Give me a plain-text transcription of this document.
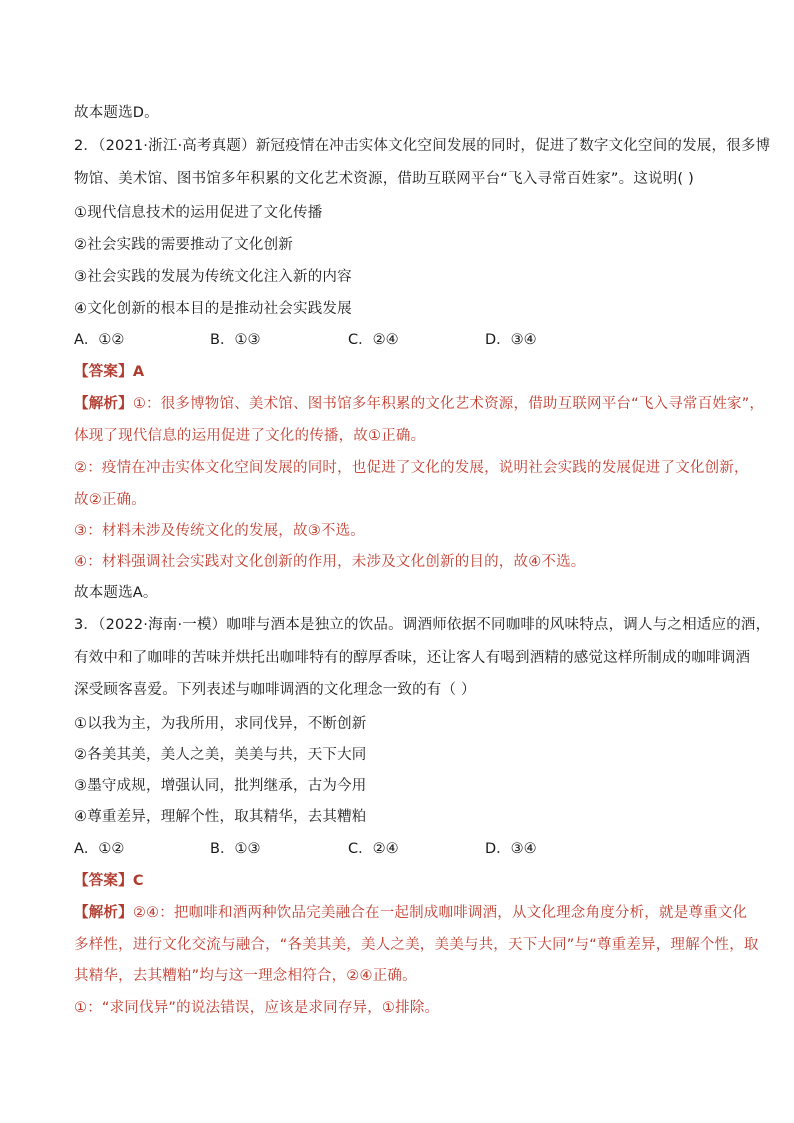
故本题选D。
2．（2021·浙江·高考真题）新冠疫情在冲击实体文化空间发展的同时，促进了数字文化空间的发展，很多博
物馆、美术馆、图书馆多年积累的文化艺术资源，借助互联网平台“飞入寻常百姓家”。这说明( )
①现代信息技术的运用促进了文化传播
②社会实践的需要推动了文化创新
③社会实践的发展为传统文化注入新的内容
④文化创新的根本目的是推动社会实践发展
A．①②	B．①③	C．②④	D．③④
【答案】A
【解析】①：很多博物馆、美术馆、图书馆多年积累的文化艺术资源，借助互联网平台“飞入寻常百姓家”，
体现了现代信息的运用促进了文化的传播，故①正确。
②：疫情在冲击实体文化空间发展的同时，也促进了文化的发展，说明社会实践的发展促进了文化创新，
故②正确。
③：材料未涉及传统文化的发展，故③不选。
④：材料强调社会实践对文化创新的作用，未涉及文化创新的目的，故④不选。
故本题选A。
3．（2022·海南·一模）咖啡与酒本是独立的饮品。调酒师依据不同咖啡的风味特点，调人与之相适应的酒，
有效中和了咖啡的苦味并烘托出咖啡特有的醇厚香味，还让客人有喝到酒精的感觉这样所制成的咖啡调酒
深受顾客喜爱。下列表述与咖啡调酒的文化理念一致的有（ ）
①以我为主，为我所用，求同伐异，不断创新
②各美其美，美人之美，美美与共，天下大同
③墨守成规，增强认同，批判继承，古为今用
④尊重差异，理解个性，取其精华，去其糟粕
A．①②	B．①③	C．②④	D．③④
【答案】C
【解析】②④：把咖啡和酒两种饮品完美融合在一起制成咖啡调酒，从文化理念角度分析，就是尊重文化
多样性，进行文化交流与融合，“各美其美，美人之美，美美与共，天下大同”与“尊重差异，理解个性，取
其精华，去其糟粕”均与这一理念相符合，②④正确。
①：“求同伐异”的说法错误，应该是求同存异，①排除。
